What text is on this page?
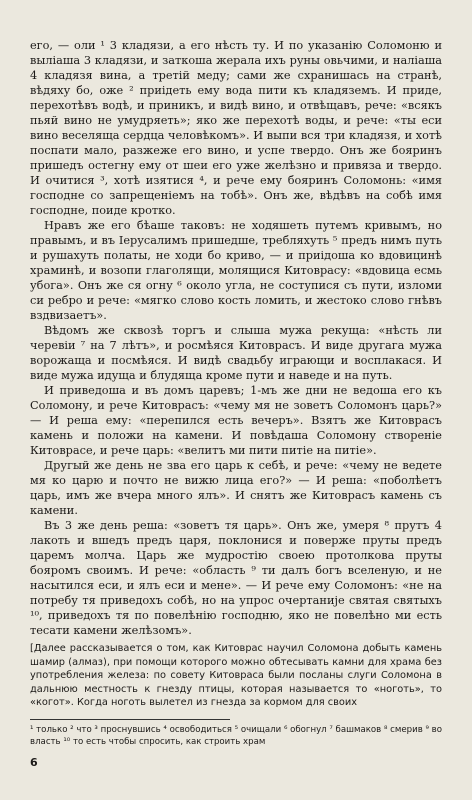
его, — оли ¹ 3 кладязи, а его нѣсть ту. И по указанію Соломоню и выліаша 3 кладязи, и заткоша жерала ихъ руны овьчими, и наліаша 4 кладязя вина, а третій меду; сами же схранишась на странѣ, вѣдяху бо, оже ² приідеть ему вода пити къ кладяземъ. И приде, перехотѣвъ водѣ, и приникъ, и видѣ вино, и отвѣщавъ, рече: «всякъ пьяй вино не умудряеть»; яко же перехотѣ воды, и рече: «ты еси вино веселяща сердца человѣкомъ». И выпи вся три кладязя, и хотѣ поспати мало, разжеже его вино, и успе твердо. Онъ же бояринъ пришедъ остегну ему от шеи его уже желѣзно и привяза и твердо. И очитися ³, хотѣ изятися ⁴, и рече ему бояринъ Соломонь: «имя господне со запрещеніемъ на тобѣ». Онъ же, вѣдѣвъ на собѣ имя господне, поиде кротко.

Нравъ же его бѣаше таковъ: не ходяшеть путемъ кривымъ, но правымъ, и въ Іерусалимъ пришедше, требляхуть ⁵ предъ нимъ путь и рушахуть полаты, не ходи бо криво, — и приідоша ко вдовицинѣ храминѣ, и возопи глаголящи, молящися Китоврасу: «вдовица есмь убога». Онъ же ся огну ⁶ около угла, не соступися съ пути, изломи си ребро и рече: «мягко слово кость ломить, и жестоко слово гнѣвъ вздвизаетъ».

Вѣдомъ же сквозѣ торгъ и слыша мужа рекуща: «нѣсть ли черевіи ⁷ на 7 лѣтъ», и росмѣяся Китоврасъ. И виде другага мужа ворожаща и посмѣяся. И видѣ свадьбу играющи и восплакася. И виде мужа идуща и блудяща кроме пути и наведе и на путь.

И приведоша и въ домъ царевъ; 1-мъ же дни не ведоша его къ Соломону, и рече Китоврасъ: «чему мя не зоветъ Соломонъ царь?» — И реша ему: «перепился есть вечеръ». Взятъ же Китоврасъ камень и положи на камени. И повѣдаша Соломону створеніе Китоврасе, и рече царь: «велитъ ми пити питіе на питіе».

Другый же день не зва его царь к себѣ, и рече: «чему не ведете мя ко царю и почто не вижю лица его?» — И реша: «поболѣетъ царь, имъ же вчера много ялъ». И снятъ же Китоврасъ камень съ камени.

Въ 3 же день реша: «зоветъ тя царь». Онъ же, умеря ⁸ прутъ 4 лакоть и вшедъ предъ царя, поклонися и поверже пруты предъ царемъ молча. Царь же мудростію своею протолкова пруты бояромъ своимъ. И рече: «область ⁹ ти далъ богъ вселеную, и не насытился еси, и ялъ еси и мене». — И рече ему Соломонъ: «не на потребу тя приведохъ собѣ, но на упрос очертаније святая святыхъ ¹⁰, приведохъ тя по повелѣнію господню, яко не повелѣно ми есть тесати камени желѣзомъ».

[Далее рассказывается о том, как Китоврас научил Соломона добыть камень шамир (алмаз), при помощи которого можно обтесывать камни для храма без употребления железа: по совету Китовраса были посланы слуги Соломона в дальнюю местность к гнезду птицы, которая называется то «ноготь», то «когот». Когда ноготь вылетел из гнезда за кормом для своих
¹ только ² что ³ проснувшись ⁴ освободиться ⁵ очищали ⁶ обогнул ⁷ башмаков ⁸ смерив ⁹ во власть ¹⁰ то есть чтобы спросить, как строить храм
6
